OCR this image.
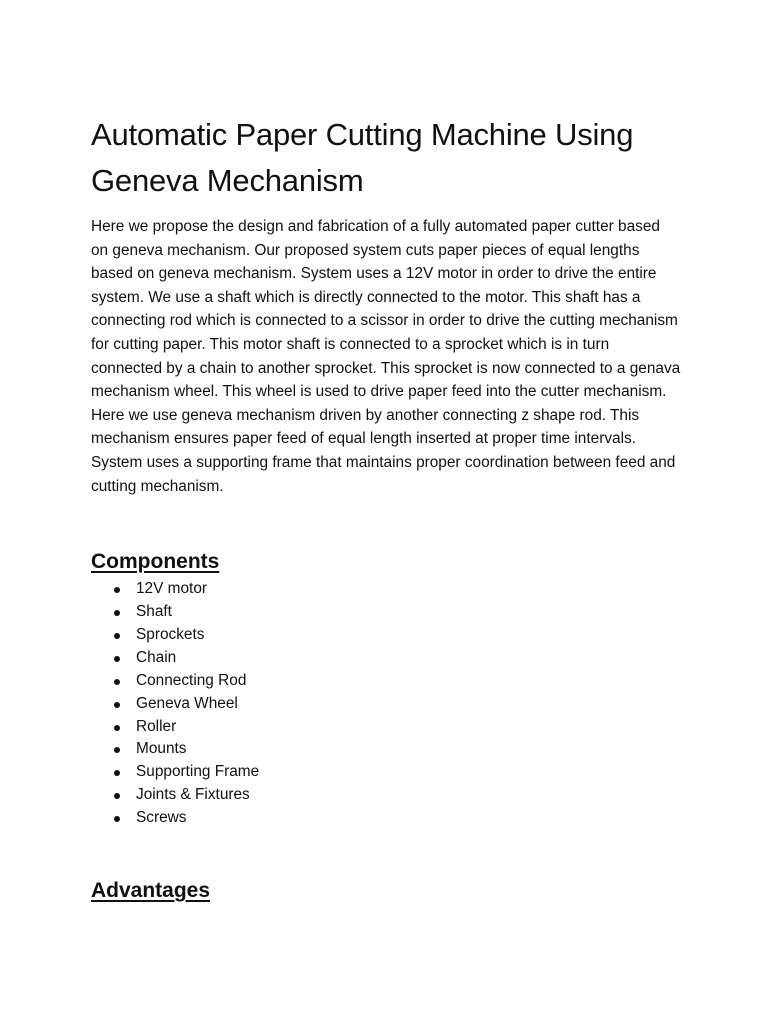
Automatic Paper Cutting Machine Using Geneva Mechanism

Here we propose the design and fabrication of a fully automated paper cutter based on geneva mechanism. Our proposed system cuts paper pieces of equal lengths based on geneva mechanism. System uses a 12V motor in order to drive the entire system. We use a shaft which is directly connected to the motor. This shaft has a connecting rod which is connected to a scissor in order to drive the cutting mechanism for cutting paper. This motor shaft is connected to a sprocket which is in turn connected by a chain to another sprocket. This sprocket is now connected to a genava mechanism wheel. This wheel is used to drive paper feed into the cutter mechanism. Here we use geneva mechanism driven by another connecting z shape rod. This mechanism ensures paper feed of equal length inserted at proper time intervals. System uses a supporting frame that maintains proper coordination between feed and cutting mechanism.

Components
12V motor
Shaft
Sprockets
Chain
Connecting Rod
Geneva Wheel
Roller
Mounts
Supporting Frame
Joints & Fixtures
Screws
Advantages
